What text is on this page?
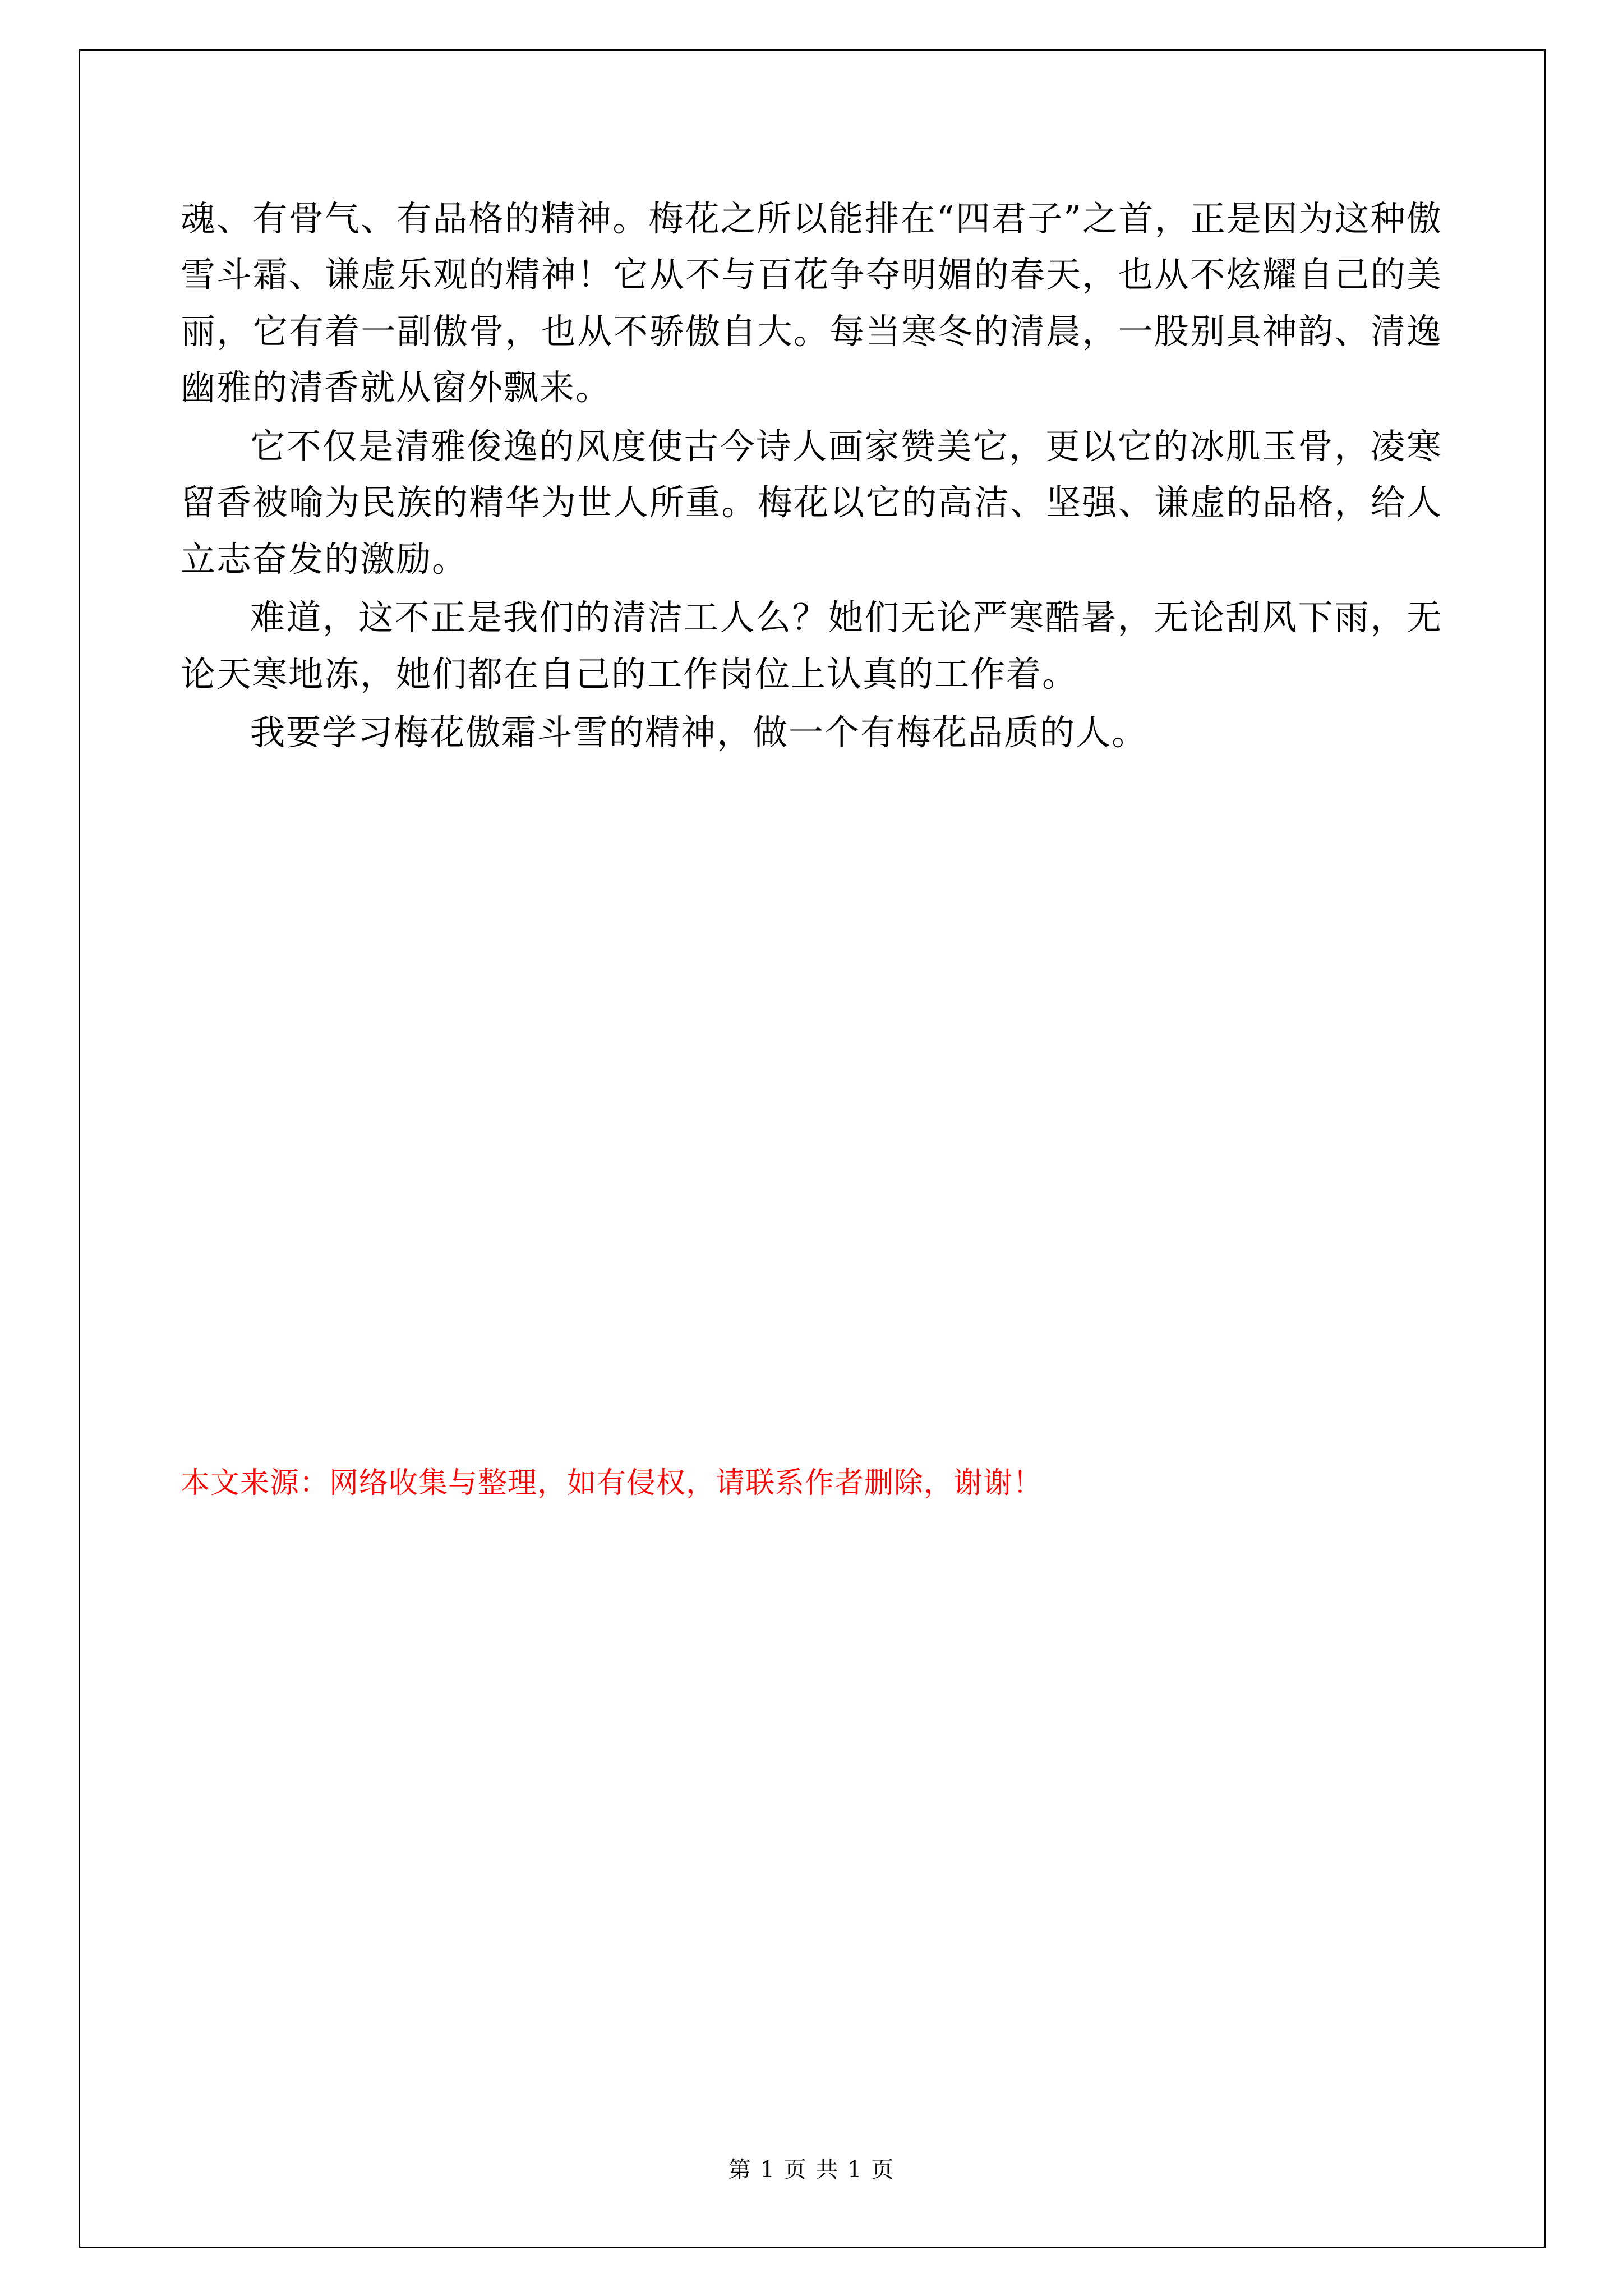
魂、有骨气、有品格的精神。梅花之所以能排在“四君子”之首，正是因为这种傲雪斗霜、谦虚乐观的精神！它从不与百花争夺明媚的春天，也从不炫耀自己的美丽，它有着一副傲骨，也从不骄傲自大。每当寒冬的清晨，一股别具神韵、清逸幽雅的清香就从窗外飘来。

它不仅是清雅俊逸的风度使古今诗人画家赞美它，更以它的冰肌玉骨，凌寒留香被喻为民族的精华为世人所重。梅花以它的高洁、坚强、谦虚的品格，给人立志奋发的激励。

难道，这不正是我们的清洁工人么？她们无论严寒酷暑，无论刮风下雨，无论天寒地冻，她们都在自己的工作岗位上认真的工作着。

我要学习梅花傲霜斗雪的精神，做一个有梅花品质的人。

本文来源：网络收集与整理，如有侵权，请联系作者删除，谢谢！
第 1 页 共 1 页
